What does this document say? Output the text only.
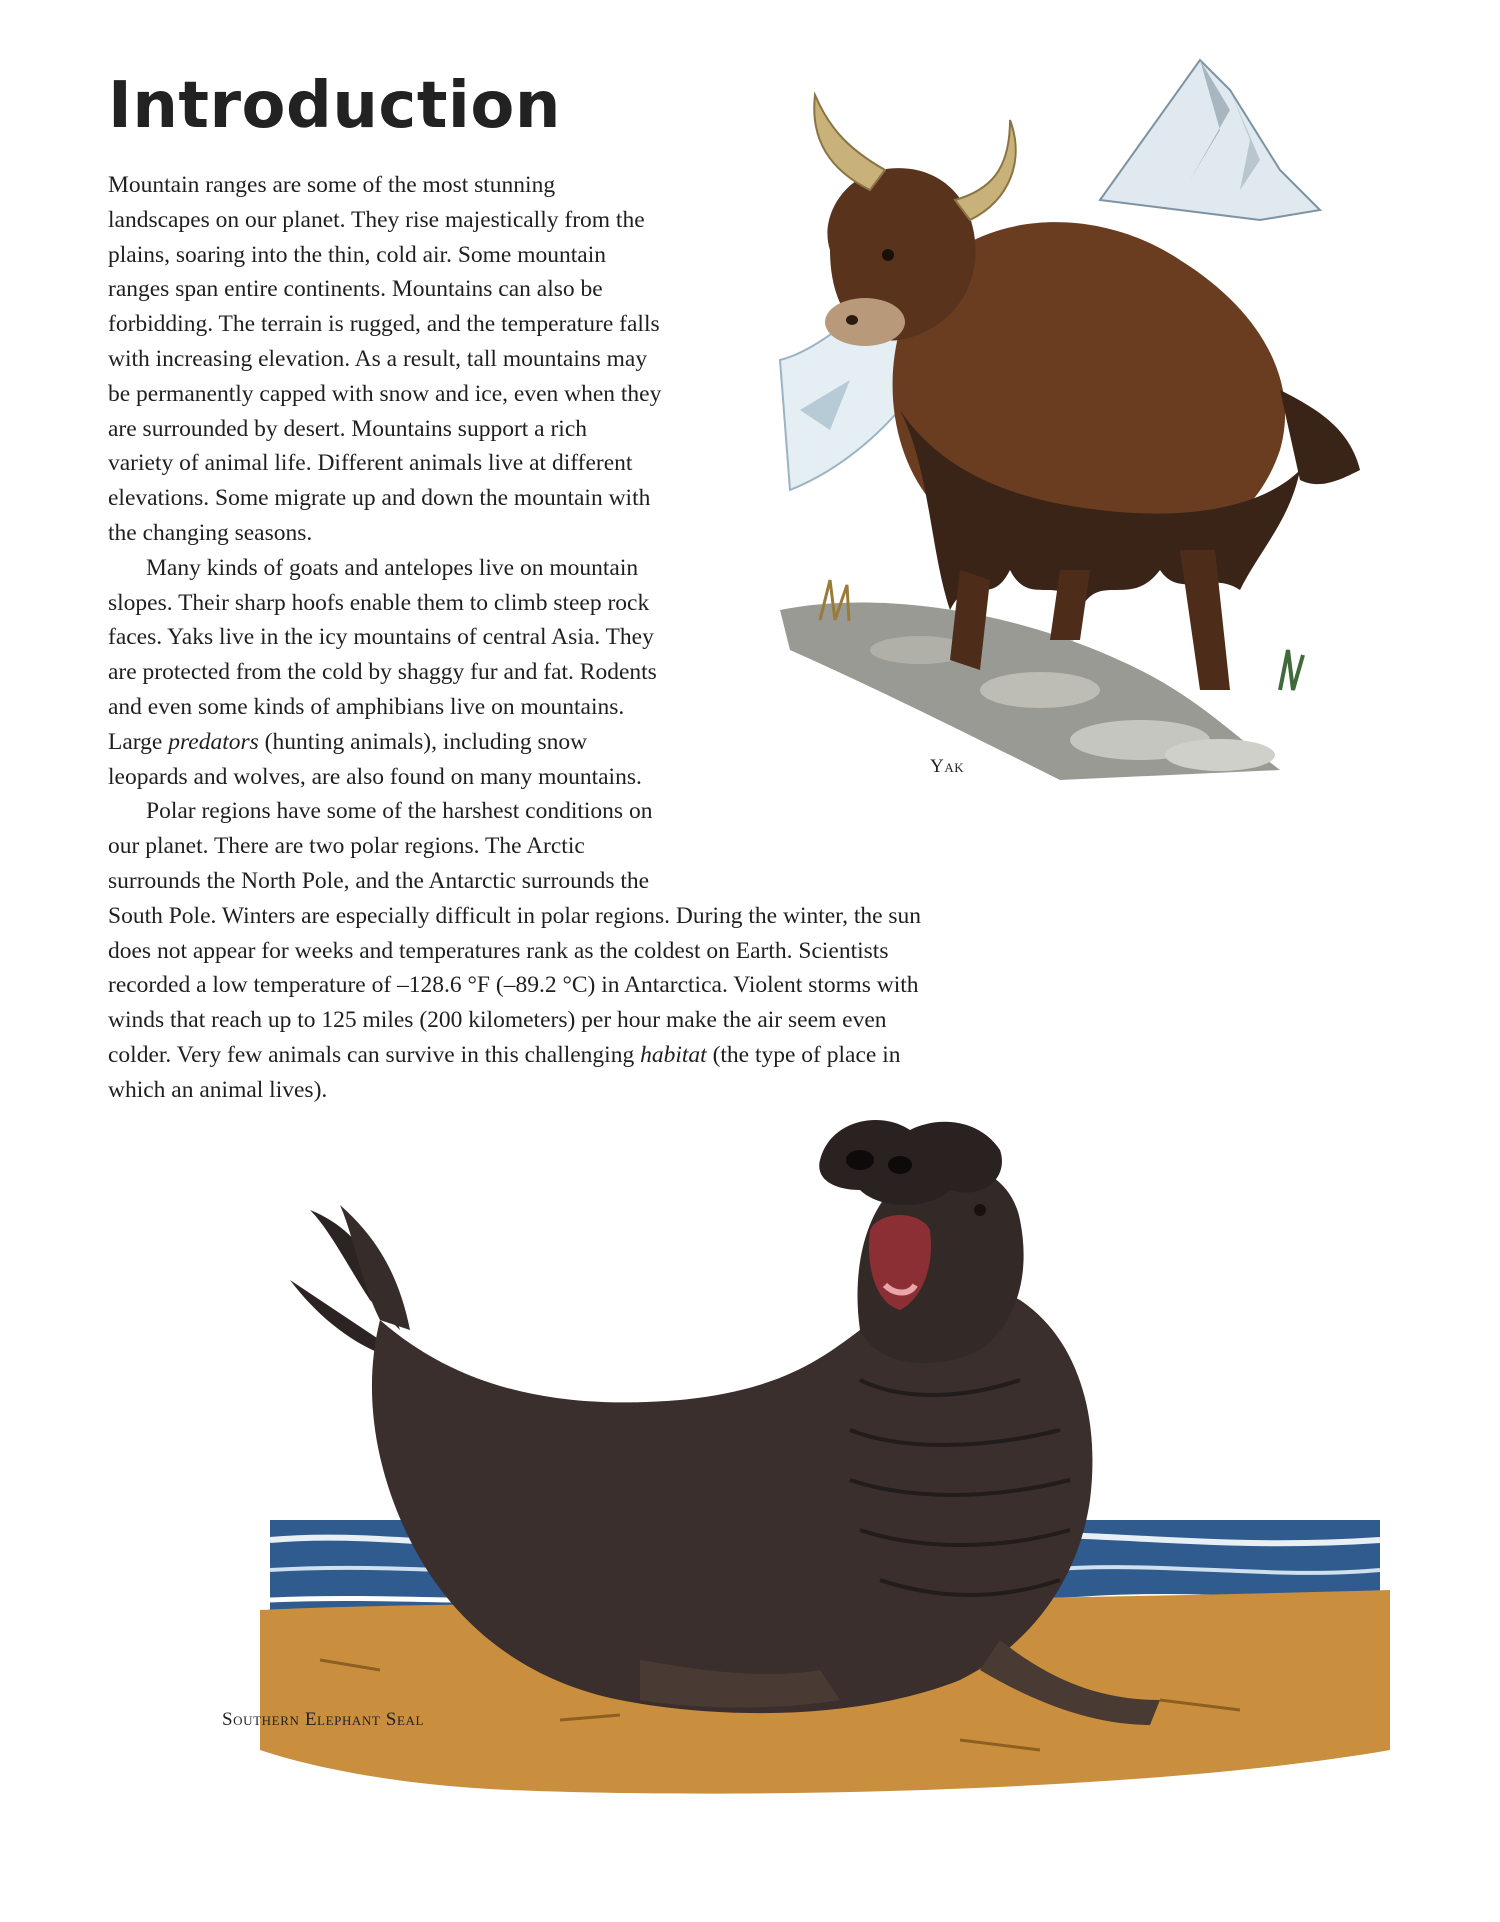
Introduction
Mountain ranges are some of the most stunning
landscapes on our planet. They rise majestically from the
plains, soaring into the thin, cold air. Some mountain
ranges span entire continents. Mountains can also be
forbidding. The terrain is rugged, and the temperature falls
with increasing elevation. As a result, tall mountains may
be permanently capped with snow and ice, even when they
are surrounded by desert. Mountains support a rich
variety of animal life. Different animals live at different
elevations. Some migrate up and down the mountain with
the changing seasons.
Many kinds of goats and antelopes live on mountain
slopes. Their sharp hoofs enable them to climb steep rock
faces. Yaks live in the icy mountains of central Asia. They
are protected from the cold by shaggy fur and fat. Rodents
and even some kinds of amphibians live on mountains.
Large predators (hunting animals), including snow
leopards and wolves, are also found on many mountains.
Polar regions have some of the harshest conditions on
our planet. There are two polar regions. The Arctic
surrounds the North Pole, and the Antarctic surrounds the
South Pole. Winters are especially difficult in polar regions. During the winter, the sun
does not appear for weeks and temperatures rank as the coldest on Earth. Scientists
recorded a low temperature of –128.6 °F (–89.2 °C) in Antarctica. Violent storms with
winds that reach up to 125 miles (200 kilometers) per hour make the air seem even
colder. Very few animals can survive in this challenging habitat (the type of place in
which an animal lives).
Yak
Southern Elephant Seal
